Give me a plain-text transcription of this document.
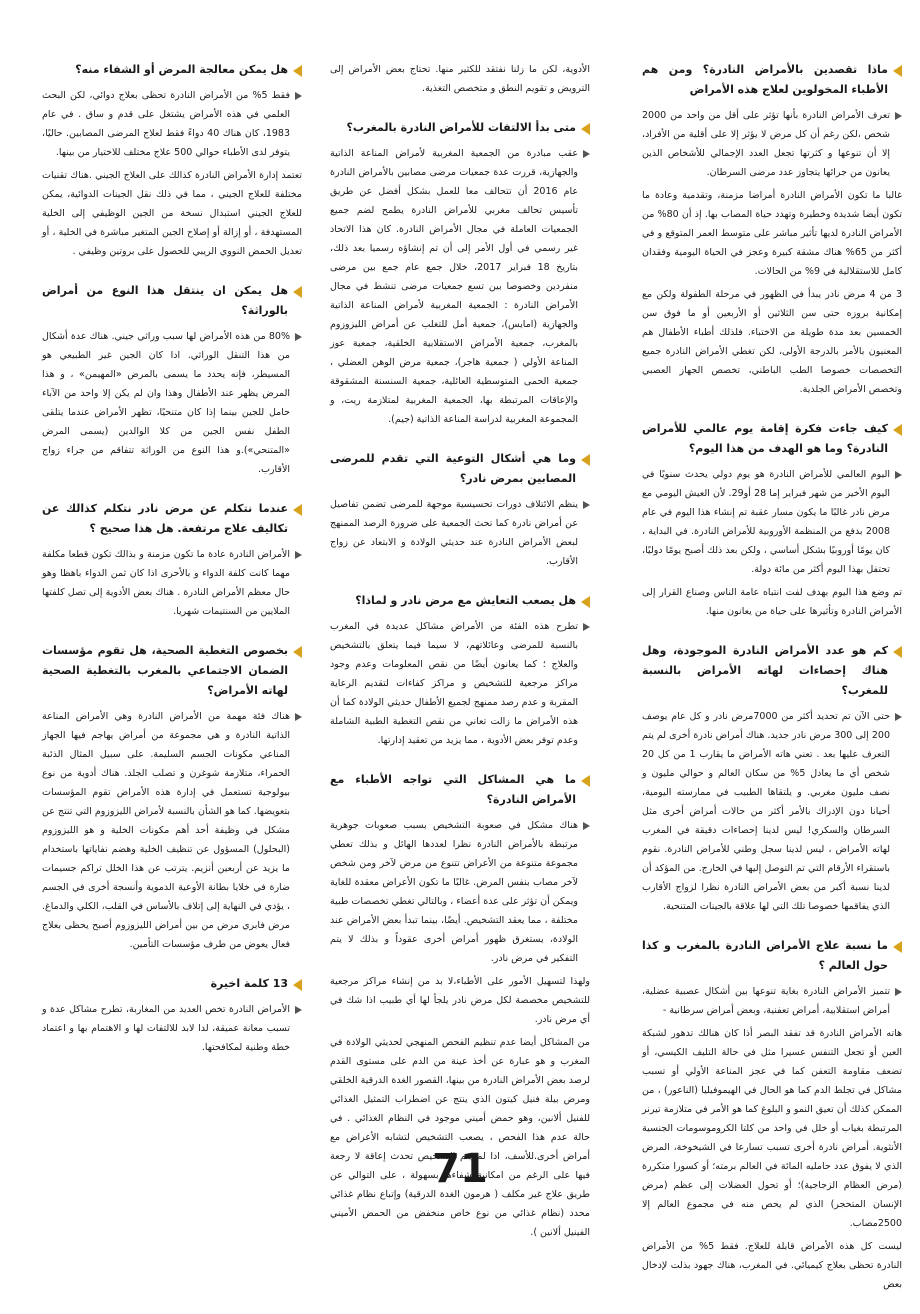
ماذا تقصدين بالأمراض النادرة؟ ومن هم الأطباء المخولوين لعلاج هذه الأمراض

تعرف الأمراض النادرة بأنها تؤثر على أقل من واحد من 2000 شخص ،لكن رغم أن كل مرض لا يؤثر إلا على أقلية من الأفراد، إلا أن تنوعها و كثرتها تجعل العدد الإجمالي للأشخاص الذين يعانون من جرائها يتجاوز عدد مرضى السرطان.

غالبا ما تكون الأمراض النادرة أمراضا مزمنة، وتقدمية وعادة ما تكون أيضا شديدة وخطيرة وتهدد حياة المصاب بها. إذ أن 80% من الأمراض النادرة لديها تأثير مباشر على متوسط العمر المتوقع و في أكثر من 65% هناك مشقة كبيرة وعجز في الحياة اليومية وفقدان كامل للاستقلالية في 9% من الحالات.

3 من 4 مرض نادر يبدأ في الظهور في مرحلة الطفولة ولكن مع إمكانية بروزه حتى سن الثلاثين أو الأربعين أو ما فوق سن الخمسين بعد مدة طويلة من الاختباء. فلذلك أطباء الأطفال هم المعنيون بالأمر بالدرجة الأولى، لكن تغطي الأمراض النادرة جميع التخصصات خصوصا الطب الباطني، تخصص الجهاز العصبي وتخصص الأمراض الجلدية.

كيف جاءت فكرة إقامة يوم عالمي للأمراض النادرة؟ وما هو الهدف من هذا اليوم؟

اليوم العالمي للأمراض النادرة هو يوم دولي يحدث سنويًا في اليوم الأخير من شهر فبراير إما 28 أو29. لأن العيش اليومي مع مرض نادر غالبًا ما يكون مسار عقبة تم إنشاء هذا اليوم في عام 2008 بدفع من المنظمة الأوروبية للأمراض النادرة. في البداية ، كان يومًا أوروبيًا بشكل أساسي ، ولكن بعد ذلك أصبح يومًا دوليًا، تحتفل بهذا اليوم أكثر من مائة دولة.

تم وضع هذا اليوم بهدف لفت انتباه عامة الناس وصناع القرار إلى الأمراض النادرة وتأثيرها على حياة من يعانون منها.

كم هو عدد الأمراض النادرة الموجودة، وهل هناك إحصاءات لهاته الأمراض بالنسبة للمغرب؟

حتى الآن تم تحديد أكثر من 7000مرض نادر و كل عام يوصف 200 إلى 300 مرض نادر جديد. هناك أمراض نادرة أخرى لم يتم التعرف عليها بعد . تعني هاته الأمراض ما يقارب 1 من كل 20 شخص أي ما يعادل 5% من سكان العالم و حوالي مليون و نصف مليون مغربي. و يلتقاها الطبيب في ممارسته اليومية، أحيانا دون الإدراك بالأمر أكثر من حالات أمراض أخرى مثل السرطان والسكري! ليس لدينا إحصاءات دقيقة في المغرب لهاته الأمراض ، ليس لدينا سجل وطني للأمراض النادرة. نقوم باستقراء الأرقام التي تم التوصل إليها في الخارج. من المؤكد أن لدينا نسبة أكبر من بعض الأمراض النادرة نظرا لزواج الأقارب الذي يفاقمها خصوصا تلك التي لها علاقة بالجينات المتنحية.

ما نسبة علاج الأمراض النادرة بالمغرب و كذا حول العالم ؟

تتميز الأمراض النادرة بغاية تنوعها بين أشكال عصبية عضلية، أمراض استقلابية، أمراض تعفنية، وبعض أمراض سرطانية -

هاته الأمراض النادرة قد تفقد البصر أذا كان هنالك تدهور لشبكة العين أو تجعل التنفس عسيرا مثل في حالة التليف الكيسي، أو تضعف مقاومة التعفن كما في عجز المناعة الأولي أو تسبب مشاكل في تجلط الدم كما هو الحال في الهيموفيليا (الناعور) ، من الممكن كذلك أن تعيق النمو و البلوغ كما هو الأمر في متلازمة تيرنر المرتبطة بغياب أو خلل في واحد من كلتا الكروموسومات الجنسية الأنثوية. أمراض نادرة أخرى تسبب تسارعا في الشيخوخة، المرض الذي لا يفوق عدد حامليه المائة في العالم برمته؛ أو كسورا متكررة (مرض العظام الزجاجية)؛ أو تحول العضلات إلى عظم (مرض الإنسان المتحجر) الذي لم يحص منه في مجموع العالم إلا 2500مصاب.

ليست كل هذه الأمراض قابلة للعلاج. فقط 5% من الأمراض النادرة تحظى بعلاج كيميائي. في المغرب، هناك جهود بذلت لإدخال بعض

الأدوية، لكن ما زلنا نفتقد للكثير منها. تحتاج بعض الأمراض إلى الترويض و تقويم النطق و متخصص التغذية.

متى بدأ الالتفات للأمراض النادرة بالمغرب؟

عقب مبادرة من الجمعية المغربية لأمراض المناعة الذاتية والجهازية، قررت عدة جمعيات مرضى مصابين بالأمراض النادرة عام 2016 أن تتحالف معا للعمل بشكل أفضل عن طريق تأسيس تحالف مغربي للأمراض النادرة يطمح لضم جميع الجمعيات العاملة في مجال الأمراض النادرة. كان هذا الاتحاد غير رسمي في أول الأمر إلى أن تم إنشاؤه رسميا بعد ذلك، بتاريخ 18 فبراير 2017، خلال جمع عام جمع بين مرضى منفردين وخصوصا بين تسع جمعيات مرضى تنشط في مجال الأمراض النادرة : الجمعية المغربية لأمراض المناعة الذاتية والجهازية (امايس)، جمعية أمل للتغلب عن أمراض الليزوزوم بالمغرب، جمعية الأمراض الاستقلابية الخلقية، جمعية عوز المناعة الأولي ( جمعية هاجر)، جمعية مرض الوهن العضلي ، جمعية الحمى المتوسطية العائلية، جمعية السنسنة المشقوقة والإعاقات المرتبطة بها، الجمعية المغربية لمتلازمة ريت، و المجموعة المغربية لدراسة المناعة الذاتية (جيم).

وما هي أشكال التوعية التي تقدم للمرضى المصابين بمرض نادر؟

ينظم الائتلاف دورات تحسيسية موجهة للمرضى تضمن تفاصيل عن أمراض نادرة كما تحث الجمعية على ضرورة الرصد الممنهج لبعض الأمراض النادرة عند حديثي الولادة و الابتعاد عن زواج الأقارب.

هل يصعب التعايش مع مرض نادر و لماذا؟

تطرح هذه الفئة من الأمراض مشاكل عديدة في المغرب بالنسبة للمرضى وعائلاتهم، لا سيما فيما يتعلق بالتشخيص والعلاج ؛ كما يعانون أيضًا من نقص المعلومات وعدم وجود مراكز مرجعية للتشخيص و مراكز كفاءات لتقديم الرعاية المقربة و عدم رصد ممنهج لجميع الأطفال حديثي الولادة كما أن هذه الأمراض ما زالت تعاني من نقص التغطية الطبية الشاملة وعدم توفر بعض الأدوية ، مما يزيد من تعقيد إدارتها.

ما هي المشاكل التي تواجه الأطباء مع الأمراض النادرة؟

هناك مشكل في صعوبة التشخيص بسبب صعوبات جوهرية مرتبطة بالأمراض النادرة نظرا لعددها الهائل و بذلك تعطي مجموعة متنوعة من الأعراض تتنوع من مرض لآخر ومن شخص لآخر مصاب بنفس المرض. غالبًا ما تكون الأعراض معقدة للغاية ويمكن أن تؤثر على عدة أعضاء ، وبالتالي تغطي تخصصات طبية مختلفة ، مما يعقد التشخيص. أيضًا، بينما تبدأ بعض الأمراض عند الولادة، يستغرق ظهور أمراض أخرى عقوداً و بذلك لا يتم التفكير في مرض نادر.

ولهذا لتسهيل الأمور على الأطباء،لا بد من إنشاء مراكز مرجعية للتشخيص مخصصة لكل مرض نادر يلجأ لها أي طبيب اذا شك في أي مرض نادر.

من المشاكل أيضا عدم تنظيم الفحص المنهجي لحديثي الولادة في المغرب و هو عبارة عن أخذ عينة من الدم على مستوى القدم لرصد بعض الأمراض النادرة من بينها، القصور الغدة الدرقية الخلقي ومرض بيلة فنيل كيتون الذي ينتج عن اضطراب التمثيل الغذائي للفنيل ألانين، وهو حمض أميني موجود في النظام الغذائي . في حالة عدم هذا الفحص ، يصعب التشخيص لتشابه الأعراض مع أمراض أخرى.للأسف، ادا لم يتم التشخيص تحدث إعاقة لا رجعة فيها على الرغم من امكانية شفاءها بسهولة ، على التوالي عن طريق علاج غير مكلف ( هرمون الغدة الدرقية) وإتباع نظام غذائي محدد (نظام غذائي من نوع خاص منخفض من الحمض الأميني الفينيل ألانين ).

هل يمكن معالجة المرض أو الشفاء منه؟

فقط 5% من الأمراض النادرة تحظى بعلاج دوائي، لكن البحث العلمي في هذه الأمراض يشتغل على قدم و ساق . في عام 1983، كان هناك 40 دواءً فقط لعلاج المرضى المصابين. حاليًا، يتوفر لدى الأطباء حوالي 500 علاج مختلف للاختيار من بينها.

تعتمد إدارة الأمراض النادرة كذالك على العلاج الجيني .هناك تقنيات مختلفة للعلاج الجيني ، مما في ذلك نقل الجينات الدوائية، يمكن للعلاج الجيني استبدال نسخة من الجين الوظيفي إلى الخلية المستهدفة ، أو إزالة أو إصلاح الجين المتغير مباشرة في الخلية ، أو تعديل الحمض النووي الريبي للحصول على بروتين وظيفي .

هل يمكن ان ينتقل هذا النوع من أمراض بالوراثة؟

80% من هذه الأمراض لها سبب وراثي جيني. هناك عدة أشكال من هذا التنقل الوراثي. ادا كان الجين غير الطبيعي هو المسيطر، فإنه يحدد ما يسمى بالمرض «المهيمن» ، و هذا المرض يظهر عند الأطفال وهذا وان لم يكن إلا واحد من الآباء حامل للجين بينما إذا كان متنحيًا، تظهر الأمراض عندما يتلقى الطفل نفس الجين من كلا الوالدين (يسمى المرض «المتنحي»).و هذا النوع من الوراثة تتفاقم من جراء زواج الأقارب.

عندما نتكلم عن مرض نادر نتكلم كذالك عن تكاليف علاج مرتفعة. هل هذا صحيح ؟

الأمراض النادرة عادة ما تكون مزمنة و بذالك تكون قطعا مكلفة مهما كانت كلفة الدواء و بالأحرى اذا كان ثمن الدواء باهظا وهو حال معظم الأمراض النادرة . هناك بعض الأدوية إلى تصل كلفتها الملايين من السنتيمات شهريا.

بخصوص التغطية الصحية، هل تقوم مؤسسات الضمان الاجتماعي بالمغرب بالتغطية الصحية لهاته الأمراض؟

هناك فئة مهمة من الأمراض النادرة وهي الأمراض المناعة الذاتية النادرة و هي مجموعة من أمراض يهاجم فيها الجهاز المناعي مكونات الجسم السليمة. على سبيل المثال الذئبة الحمراء، متلازمة شوغرن و تصلب الجلد. هناك أدوية من نوع بيولوجية تستعمل في إدارة هذه الأمراض تقوم المؤسسات بتعويضها. كما هو الشأن بالنسبة لأمراض الليزوزوم التي تنتج عن مشكل في وظيفة أحد أهم مكونات الخلية و هو الليزوزوم (البحلول) المسؤول عن تنظيف الخلية وهضم نفاياتها باستخدام ما يزيد عن أربعين أنزيم. يترتب عن هذا الخلل تراكم جسيمات ضارة في خلايا بطانة الأوعية الدموية وأنسجة أخرى في الجسم ، يؤدي في النهاية إلى إتلاف بالأساس في القلب، الكلي والدماغ. مرض فابري مرض من بين أمراض الليزوزوم أصبح يحظى بعلاج فعال يعوض من طرف مؤسسات التأمين.

13 كلمة اخيرة

الأمراض النادرة تخص العديد من المغاربة، تطرح مشاكل عدة و تسبب معانة عميقة، لدا لابد للالتفات لها و الاهتمام بها و اعتماد خطة وطنية لمكافحتها.

71
